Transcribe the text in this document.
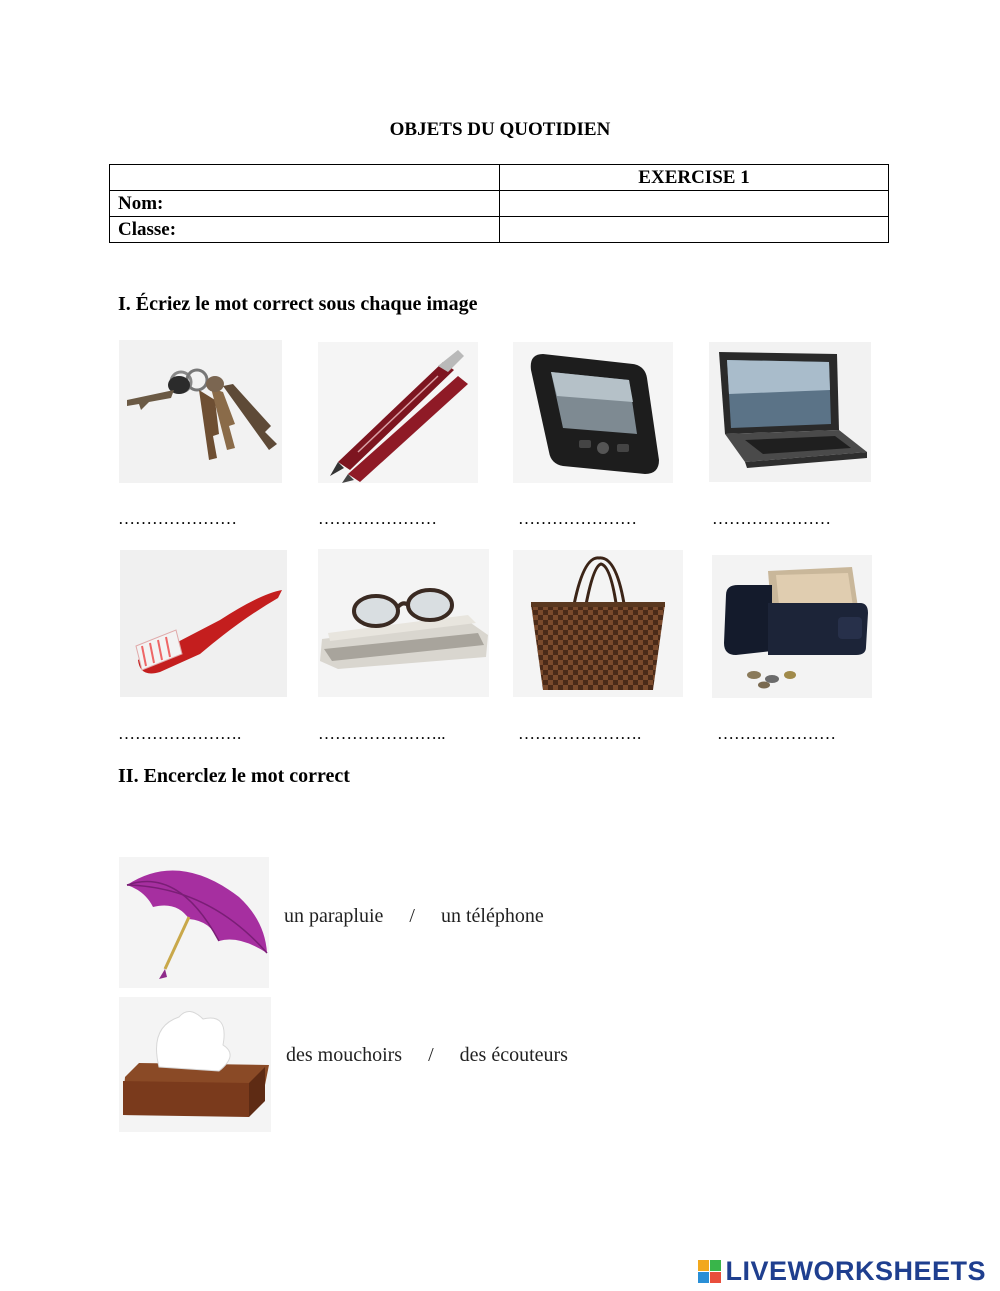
OBJETS DU QUOTIDIEN
	EXERCISE 1
Nom:	
Classe:	
I. Écriez le mot correct sous chaque image
…………………	…………………	…………………	…………………
………………….	…………………..	………………….	…………………
II. Encerclez le mot correct
un parapluie / un téléphone
des mouchoirs / des écouteurs
LIVEWORKSHEETS
